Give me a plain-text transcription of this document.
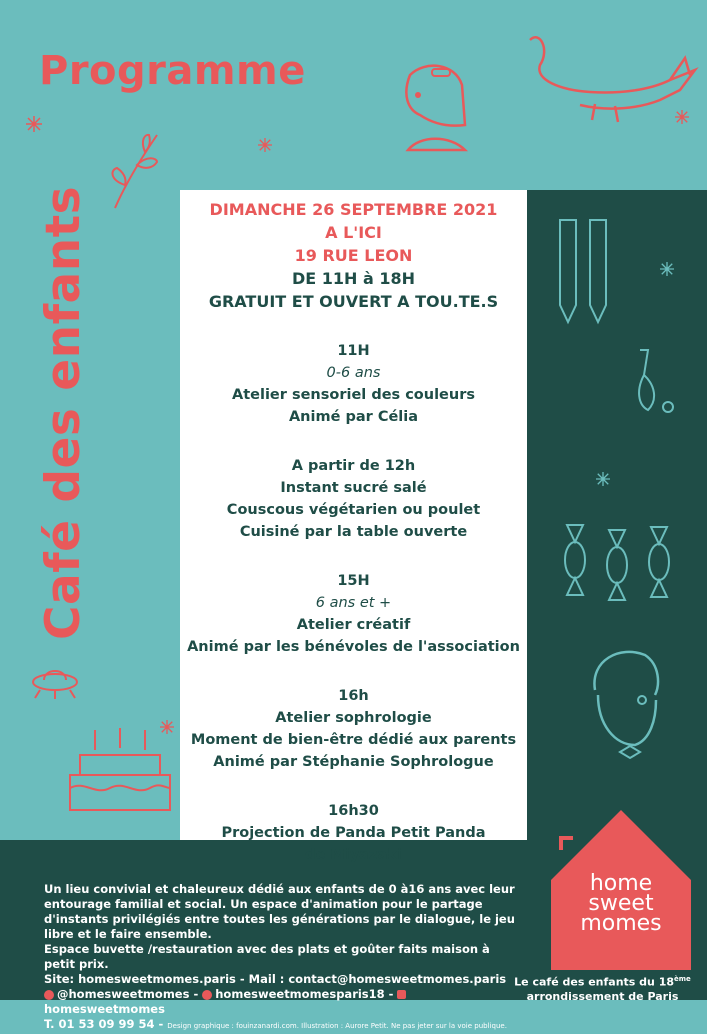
Programme
Café des enfants	DIMANCHE 26 SEPTEMBRE 2021
A L'ICI
19 RUE LEON
DE 11H à 18H
GRATUIT ET OUVERT A TOU.TE.S
11H
0-6 ans
Atelier sensoriel des couleurs
Animé par Célia
A partir de 12h
Instant sucré salé
Couscous végétarien ou poulet
Cuisiné par la table ouverte
15H
6 ans et +
Atelier créatif
Animé par les bénévoles de l'association
16h
Atelier sophrologie
Moment de bien-être dédié aux parents
Animé par Stéphanie Sophrologue
16h30
Projection de Panda Petit Panda
de Miyazaki
Un lieu convivial et chaleureux dédié aux enfants de 0 à16 ans avec leur entourage familial et social. Un espace d'animation pour le partage d'instants privilégiés entre toutes les générations par le dialogue, le jeu libre et le faire ensemble.
Espace buvette /restauration avec des plats et goûter faits maison à petit prix.
Site: homesweetmomes.paris - Mail : contact@homesweetmomes.paris
@homesweetmomes - homesweetmomesparis18 - homesweetmomes
T. 01 53 09 99 54 - Design graphique : fouinzanardi.com. Illustration : Aurore Petit. Ne pas jeter sur la voie publique.
home
sweet
momes
Le café des enfants du 18ème
arrondissement de Paris
